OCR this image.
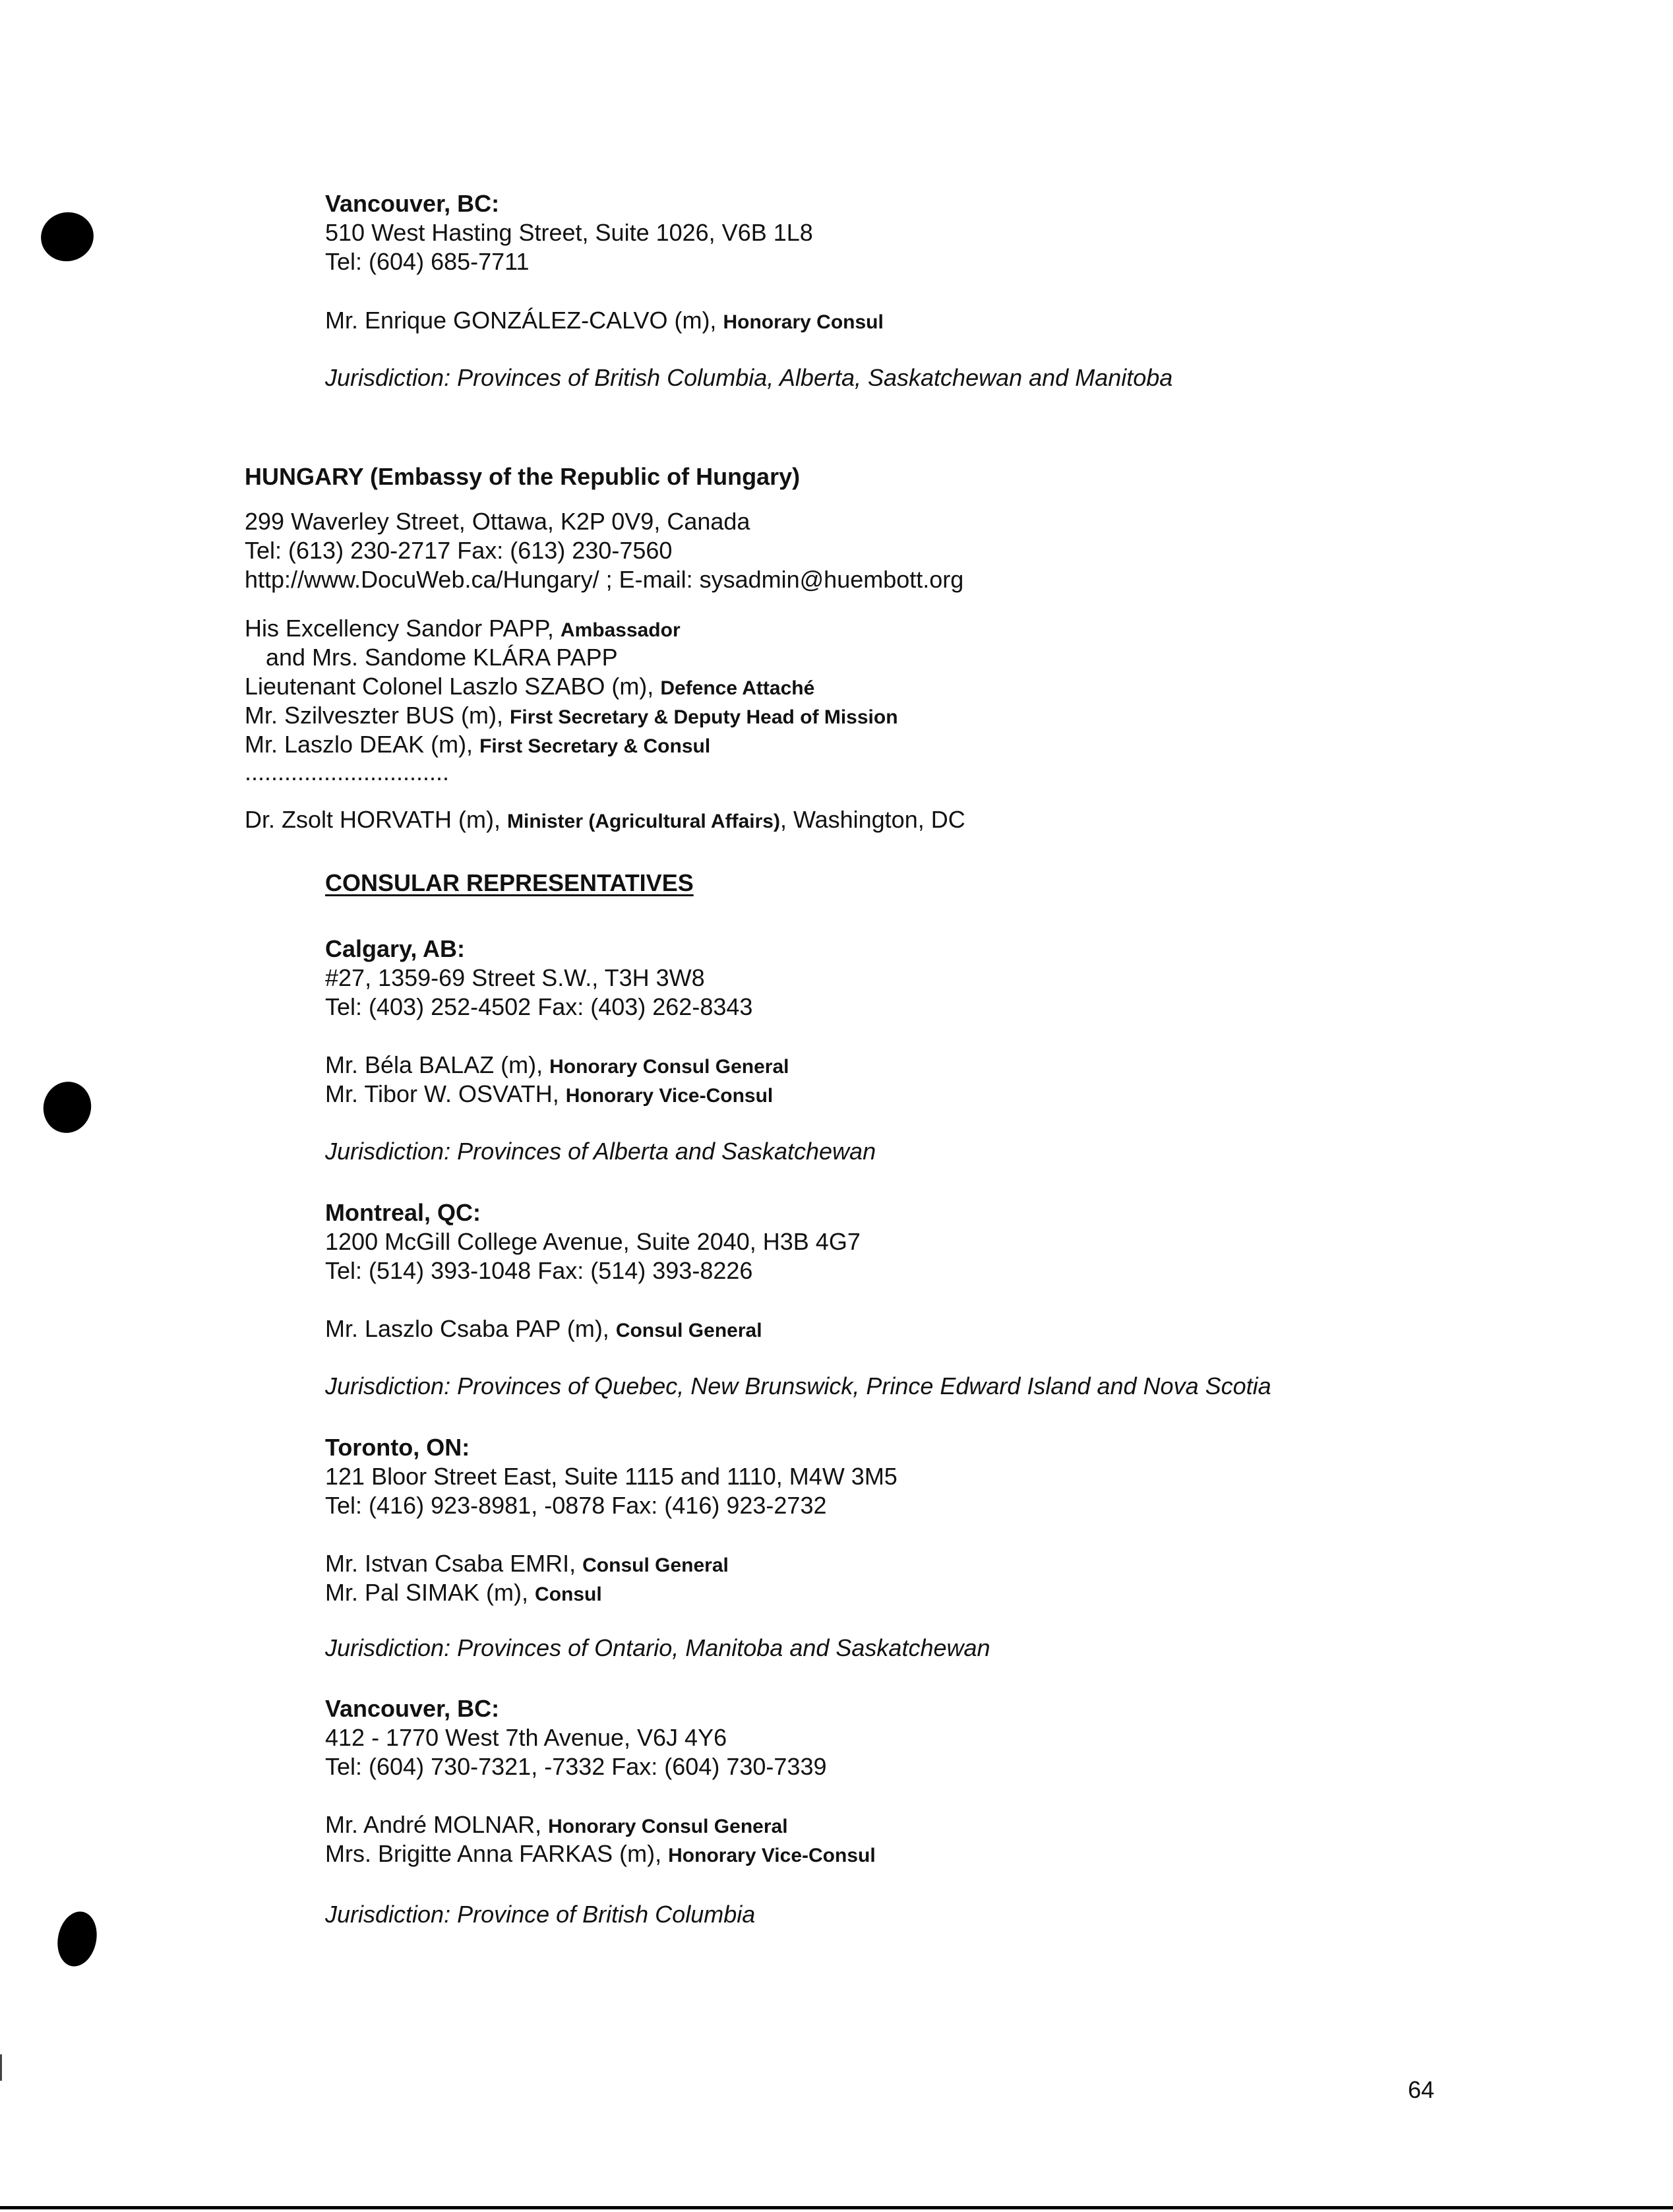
Vancouver, BC:
510 West Hasting Street, Suite 1026, V6B 1L8
Tel: (604) 685-7711
Mr. Enrique GONZÁLEZ-CALVO (m), Honorary Consul
Jurisdiction: Provinces of British Columbia, Alberta, Saskatchewan and Manitoba
HUNGARY (Embassy of the Republic of Hungary)
299 Waverley Street, Ottawa, K2P 0V9, Canada
Tel: (613) 230-2717 Fax: (613) 230-7560
http://www.DocuWeb.ca/Hungary/ ; E-mail: sysadmin@huembott.org
His Excellency Sandor PAPP, Ambassador
and Mrs. Sandome KLÁRA PAPP
Lieutenant Colonel Laszlo SZABO (m), Defence Attaché
Mr. Szilveszter BUS (m), First Secretary & Deputy Head of Mission
Mr. Laszlo DEAK (m), First Secretary & Consul
...............................
Dr. Zsolt HORVATH (m), Minister (Agricultural Affairs), Washington, DC
CONSULAR REPRESENTATIVES
Calgary, AB:
#27, 1359-69 Street S.W., T3H 3W8
Tel: (403) 252-4502 Fax: (403) 262-8343
Mr. Béla BALAZ (m), Honorary Consul General
Mr. Tibor W. OSVATH, Honorary Vice-Consul
Jurisdiction: Provinces of Alberta and Saskatchewan
Montreal, QC:
1200 McGill College Avenue, Suite 2040, H3B 4G7
Tel: (514) 393-1048 Fax: (514) 393-8226
Mr. Laszlo Csaba PAP (m), Consul General
Jurisdiction: Provinces of Quebec, New Brunswick, Prince Edward Island and Nova Scotia
Toronto, ON:
121 Bloor Street East, Suite 1115 and 1110, M4W 3M5
Tel: (416) 923-8981, -0878 Fax: (416) 923-2732
Mr. Istvan Csaba EMRI, Consul General
Mr. Pal SIMAK (m), Consul
Jurisdiction: Provinces of Ontario, Manitoba and Saskatchewan
Vancouver, BC:
412 - 1770 West 7th Avenue, V6J 4Y6
Tel: (604) 730-7321, -7332 Fax: (604) 730-7339
Mr. André MOLNAR, Honorary Consul General
Mrs. Brigitte Anna FARKAS (m), Honorary Vice-Consul
Jurisdiction: Province of British Columbia
64
